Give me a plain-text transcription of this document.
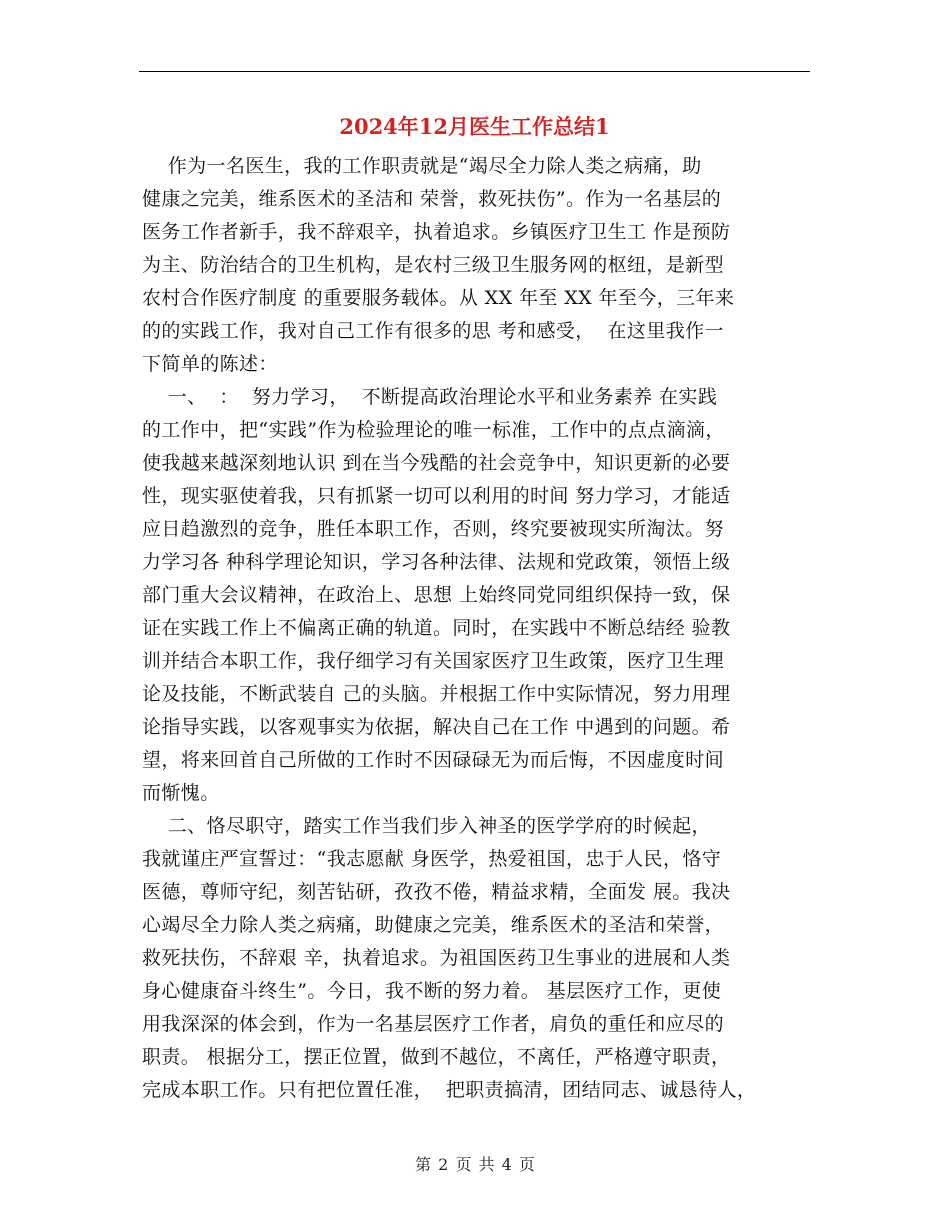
2024年12月医生工作总结1
作为一名医生，我的工作职责就是“竭尽全力除人类之病痛，助
健康之完美，维系医术的圣洁和 荣誉，救死扶伤”。作为一名基层的
医务工作者新手，我不辞艰辛，执着追求。乡镇医疗卫生工 作是预防
为主、防治结合的卫生机构，是农村三级卫生服务网的枢纽，是新型
农村合作医疗制度 的重要服务载体。从 XX 年至 XX 年至今，三年来
的的实践工作，我对自己工作有很多的思 考和感受，  在这里我作一
下简单的陈述：
一、  ：  努力学习，  不断提高政治理论水平和业务素养 在实践
的工作中，把“实践”作为检验理论的唯一标准，工作中的点点滴滴，
使我越来越深刻地认识 到在当今残酷的社会竞争中，知识更新的必要
性，现实驱使着我，只有抓紧一切可以利用的时间 努力学习，才能适
应日趋激烈的竞争，胜任本职工作，否则，终究要被现实所淘汰。努
力学习各 种科学理论知识，学习各种法律、法规和党政策，领悟上级
部门重大会议精神，在政治上、思想 上始终同党同组织保持一致，保
证在实践工作上不偏离正确的轨道。同时，在实践中不断总结经 验教
训并结合本职工作，我仔细学习有关国家医疗卫生政策，医疗卫生理
论及技能，不断武装自 己的头脑。并根据工作中实际情况，努力用理
论指导实践，以客观事实为依据，解决自己在工作 中遇到的问题。希
望，将来回首自己所做的工作时不因碌碌无为而后悔，不因虚度时间
而惭愧。
二、恪尽职守，踏实工作当我们步入神圣的医学学府的时候起，
我就谨庄严宣誓过：“我志愿献 身医学，热爱祖国，忠于人民，恪守
医德，尊师守纪，刻苦钻研，孜孜不倦，精益求精，全面发 展。我决
心竭尽全力除人类之病痛，助健康之完美，维系医术的圣洁和荣誉，
救死扶伤，不辞艰 辛，执着追求。为祖国医药卫生事业的进展和人类
身心健康奋斗终生”。今日，我不断的努力着。 基层医疗工作，更使
用我深深的体会到，作为一名基层医疗工作者，肩负的重任和应尽的
职责。 根据分工，摆正位置，做到不越位，不离任，严格遵守职责，
完成本职工作。只有把位置任准，  把职责搞清，团结同志、诚恳待人，
第 2 页 共 4 页
